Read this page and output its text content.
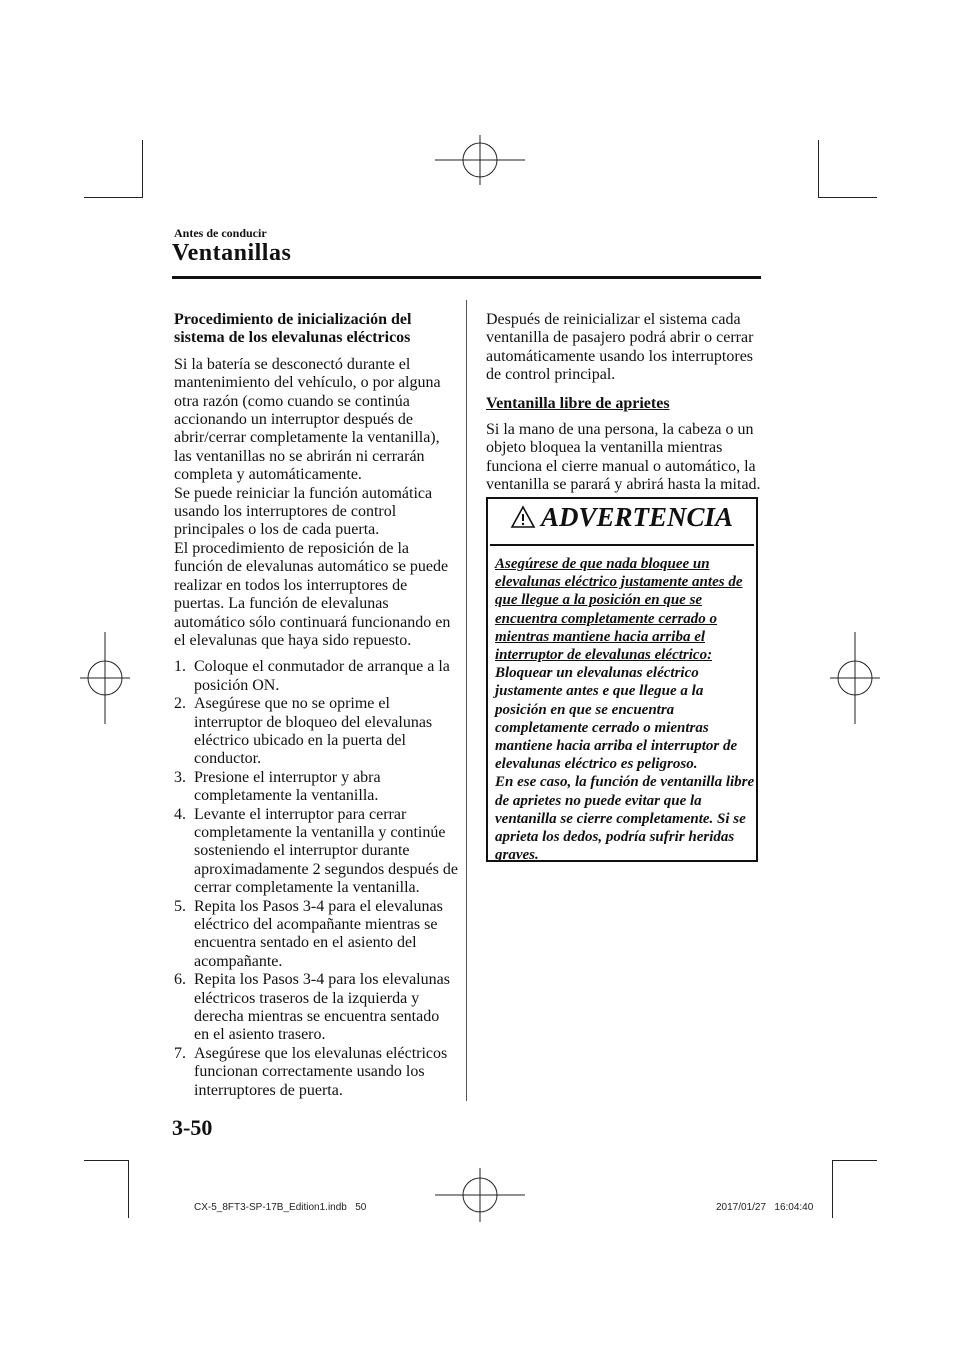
Antes de conducir
Ventanillas

Procedimiento de inicialización del sistema de los elevalunas eléctricos

Si la batería se desconectó durante el mantenimiento del vehículo, o por alguna otra razón (como cuando se continúa accionando un interruptor después de abrir/cerrar completamente la ventanilla), las ventanillas no se abrirán ni cerrarán completa y automáticamente.

Se puede reiniciar la función automática usando los interruptores de control principales o los de cada puerta.

El procedimiento de reposición de la función de elevalunas automático se puede realizar en todos los interruptores de puertas. La función de elevalunas automático sólo continuará funcionando en el elevalunas que haya sido repuesto.

1. Coloque el conmutador de arranque a la posición ON.
2. Asegúrese que no se oprime el interruptor de bloqueo del elevalunas eléctrico ubicado en la puerta del conductor.
3. Presione el interruptor y abra completamente la ventanilla.
4. Levante el interruptor para cerrar completamente la ventanilla y continúe sosteniendo el interruptor durante aproximadamente 2 segundos después de cerrar completamente la ventanilla.
5. Repita los Pasos 3-4 para el elevalunas eléctrico del acompañante mientras se encuentra sentado en el asiento del acompañante.
6. Repita los Pasos 3-4 para los elevalunas eléctricos traseros de la izquierda y derecha mientras se encuentra sentado en el asiento trasero.
7. Asegúrese que los elevalunas eléctricos funcionan correctamente usando los interruptores de puerta.

Después de reinicializar el sistema cada ventanilla de pasajero podrá abrir o cerrar automáticamente usando los interruptores de control principal.

Ventanilla libre de aprietes

Si la mano de una persona, la cabeza o un objeto bloquea la ventanilla mientras funciona el cierre manual o automático, la ventanilla se parará y abrirá hasta la mitad.

ADVERTENCIA
Asegúrese de que nada bloquee un elevalunas eléctrico justamente antes de que llegue a la posición en que se encuentra completamente cerrado o mientras mantiene hacia arriba el interruptor de elevalunas eléctrico:
Bloquear un elevalunas eléctrico justamente antes e que llegue a la posición en que se encuentra completamente cerrado o mientras mantiene hacia arriba el interruptor de elevalunas eléctrico es peligroso.
En ese caso, la función de ventanilla libre de aprietes no puede evitar que la ventanilla se cierre completamente. Si se aprieta los dedos, podría sufrir heridas graves.
3-50
CX-5_8FT3-SP-17B_Edition1.indb   50	2017/01/27   16:04:40
